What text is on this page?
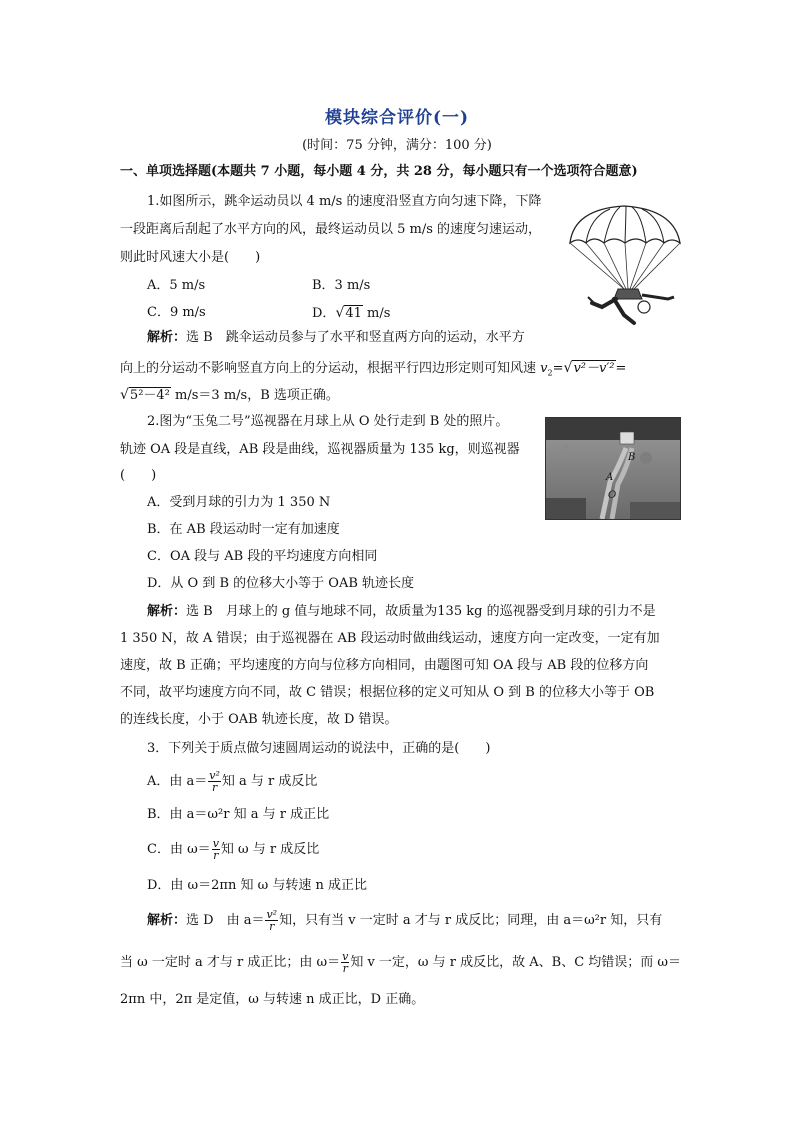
模块综合评价(一)
(时间：75 分钟，满分：100 分)
一、单项选择题(本题共 7 小题，每小题 4 分，共 28 分，每小题只有一个选项符合题意)
1.如图所示，跳伞运动员以 4 m/s 的速度沿竖直方向匀速下降，下降
一段距离后刮起了水平方向的风，最终运动员以 5 m/s 的速度匀速运动，
则此时风速大小是(　　)
A．5 m/s	B．3 m/s
C．9 m/s	D．√41 m/s
解析：选 B　跳伞运动员参与了水平和竖直两方向的运动，水平方
向上的分运动不影响竖直方向上的分运动，根据平行四边形定则可知风速 $v_2=√v^2-v'^2=$
√5²－4² m/s＝3 m/s，B 选项正确。
2.图为“玉兔二号”巡视器在月球上从 O 处行走到 B 处的照片。
轨迹 OA 段是直线，AB 段是曲线，巡视器质量为 135 kg，则巡视器
(　　)
B
A
O
A．受到月球的引力为 1 350 N
B．在 AB 段运动时一定有加速度
C．OA 段与 AB 段的平均速度方向相同
D．从 O 到 B 的位移大小等于 OAB 轨迹长度
解析：选 B　月球上的 g 值与地球不同，故质量为135 kg 的巡视器受到月球的引力不是
1 350 N，故 A 错误；由于巡视器在 AB 段运动时做曲线运动，速度方向一定改变，一定有加
速度，故 B 正确；平均速度的方向与位移方向相同，由题图可知 OA 段与 AB 段的位移方向
不同，故平均速度方向不同，故 C 错误；根据位移的定义可知从 O 到 B 的位移大小等于 OB
的连线长度，小于 OAB 轨迹长度，故 D 错误。
3．下列关于质点做匀速圆周运动的说法中，正确的是(　　)
A．由 $a= \frac{\text{v²}}{r}$ 知 a 与 r 成反比
B．由 a＝ω²r 知 a 与 r 成正比
C．由 $\omega= \frac{v}{r}$ 知 ω 与 r 成反比
D．由 ω＝2πn 知 ω 与转速 n 成正比
解析：选 D　由 $a= \frac{\text{v²}}{r}$ 知，只有当 v 一定时 a 才与 r 成反比；同理，由 a＝ω²r 知，只有
当 ω 一定时 a 才与 r 成正比；由 $\omega= \frac{v}{r}$ 知 v 一定，ω 与 r 成反比，故 A、B、C 均错误；而 ω＝
2πn 中，2π 是定值，ω 与转速 n 成正比，D 正确。
